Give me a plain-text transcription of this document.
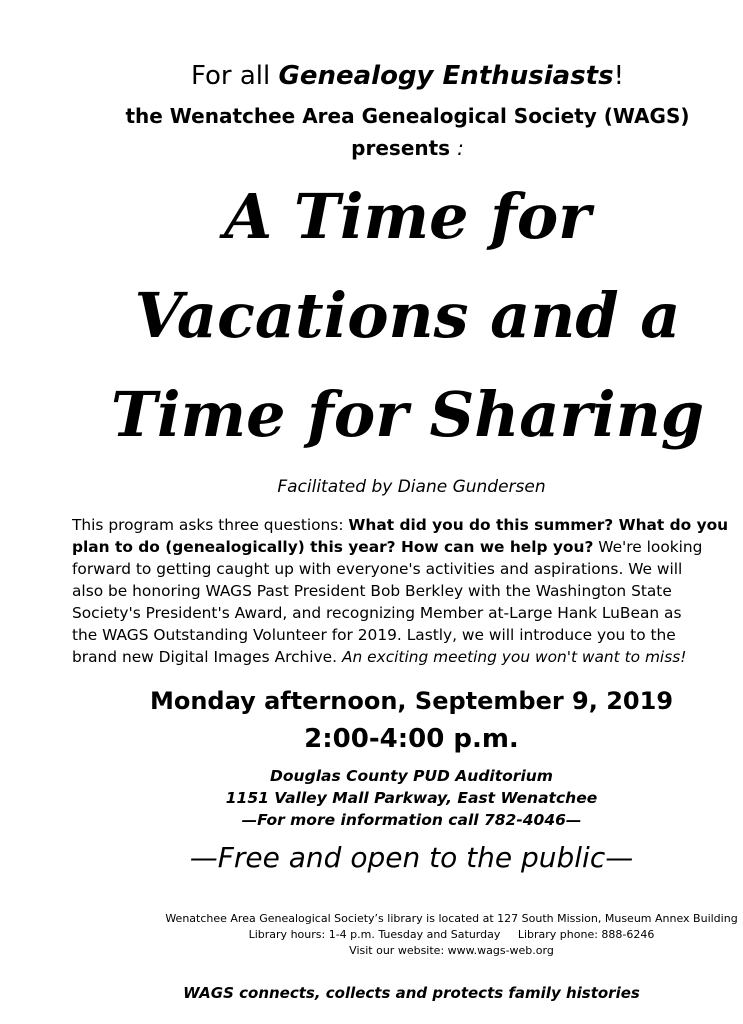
For all Genealogy Enthusiasts!
the Wenatchee Area Genealogical Society (WAGS)
presents :
A Time for
Vacations and a
Time for Sharing
Facilitated by Diane Gundersen
This program asks three questions: What did you do this summer? What do you
plan to do (genealogically) this year? How can we help you? We're looking
forward to getting caught up with everyone's activities and aspirations. We will
also be honoring WAGS Past President Bob Berkley with the Washington State
Society's President's Award, and recognizing Member at-Large Hank LuBean as
the WAGS Outstanding Volunteer for 2019. Lastly, we will introduce you to the
brand new Digital Images Archive. An exciting meeting you won't want to miss!
Monday afternoon, September 9, 2019
2:00-4:00 p.m.
Douglas County PUD Auditorium
1151 Valley Mall Parkway, East Wenatchee
—For more information call 782-4046—
—Free and open to the public—
Wenatchee Area Genealogical Society’s library is located at 127 South Mission, Museum Annex Building
Library hours: 1-4 p.m. Tuesday and Saturday     Library phone: 888-6246
Visit our website: www.wags-web.org
WAGS connects, collects and protects family histories
